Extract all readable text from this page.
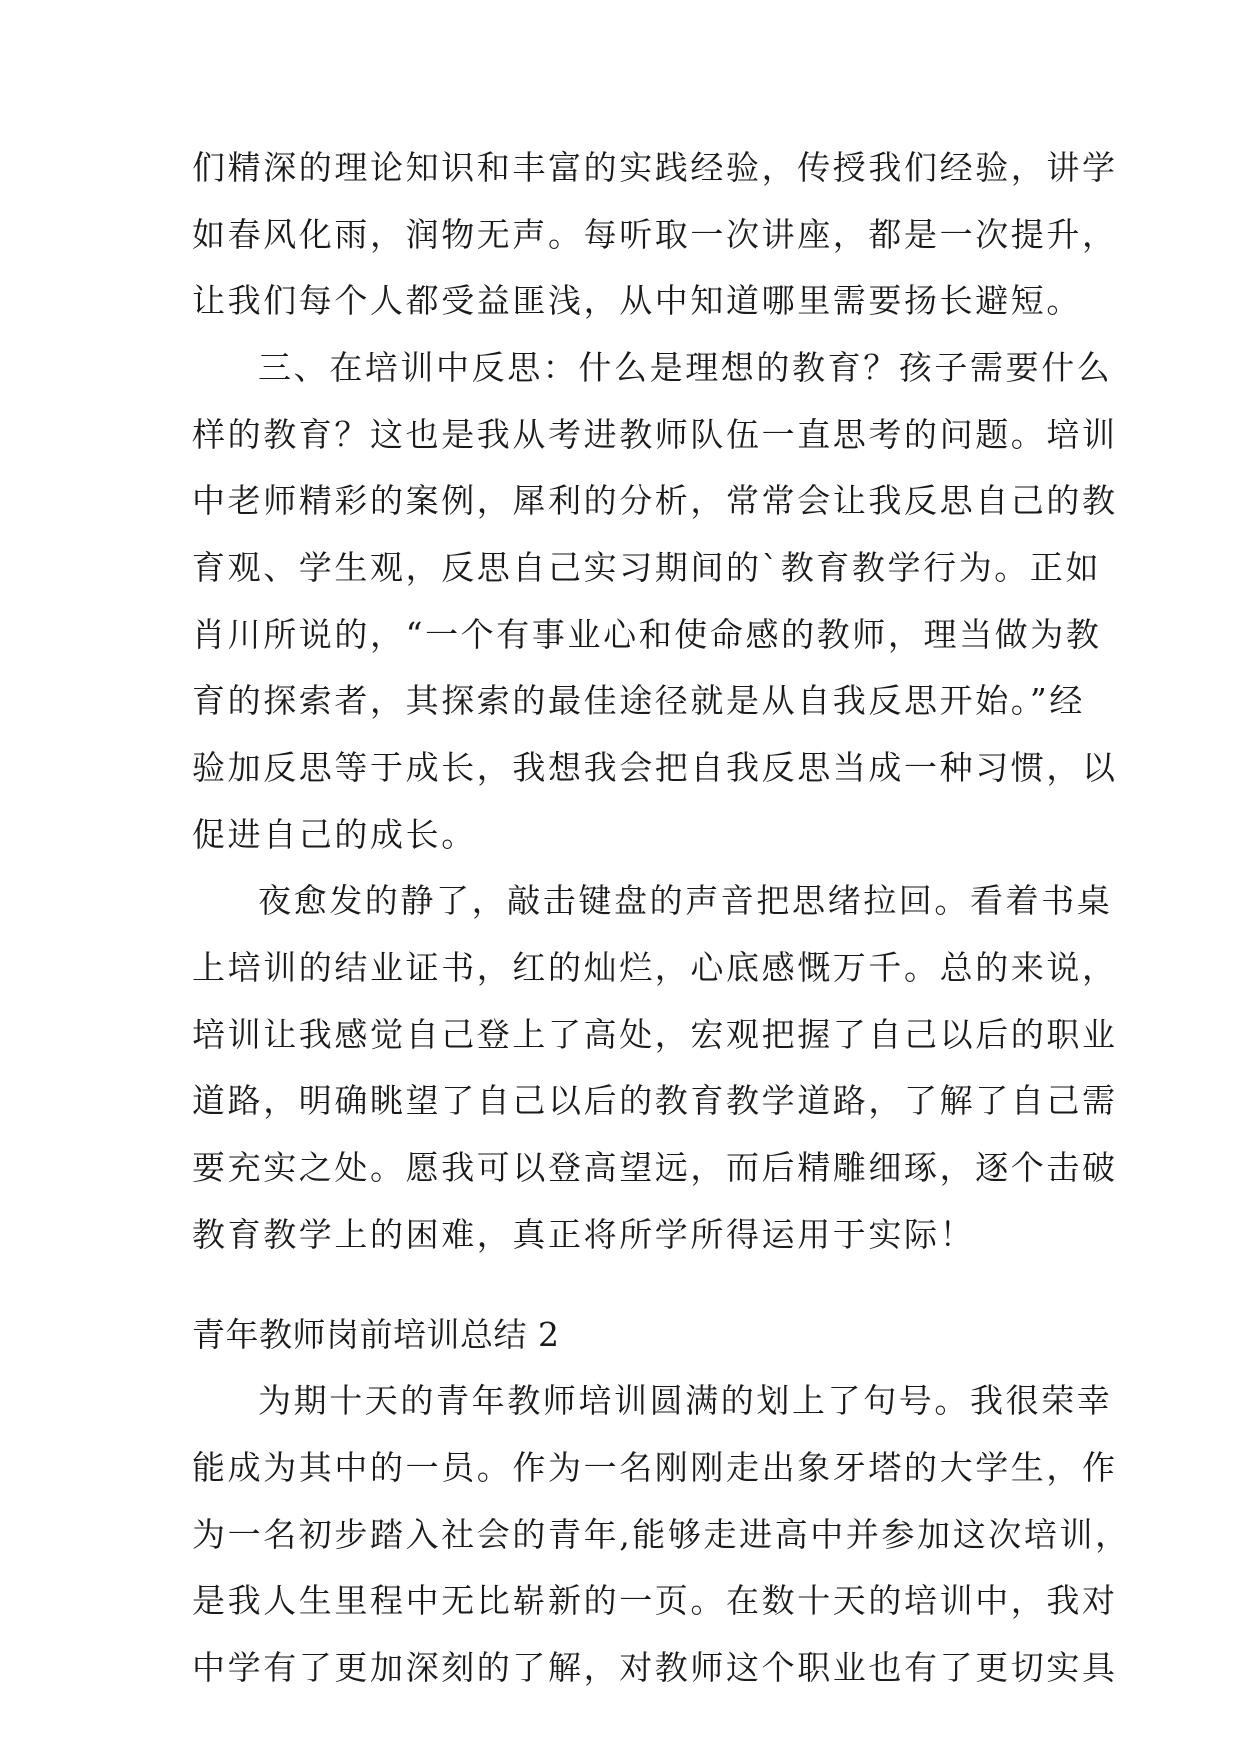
们精深的理论知识和丰富的实践经验，传授我们经验，讲学
如春风化雨，润物无声。每听取一次讲座，都是一次提升，
让我们每个人都受益匪浅，从中知道哪里需要扬长避短。
三、在培训中反思：什么是理想的教育？孩子需要什么
样的教育？这也是我从考进教师队伍一直思考的问题。培训
中老师精彩的案例，犀利的分析，常常会让我反思自己的教
育观、学生观，反思自己实习期间的`教育教学行为。正如
肖川所说的，“一个有事业心和使命感的教师，理当做为教
育的探索者，其探索的最佳途径就是从自我反思开始。”经
验加反思等于成长，我想我会把自我反思当成一种习惯，以
促进自己的成长。
夜愈发的静了，敲击键盘的声音把思绪拉回。看着书桌
上培训的结业证书，红的灿烂，心底感慨万千。总的来说，
培训让我感觉自己登上了高处，宏观把握了自己以后的职业
道路，明确眺望了自己以后的教育教学道路，了解了自己需
要充实之处。愿我可以登高望远，而后精雕细琢，逐个击破
教育教学上的困难，真正将所学所得运用于实际！
青年教师岗前培训总结 2
为期十天的青年教师培训圆满的划上了句号。我很荣幸
能成为其中的一员。作为一名刚刚走出象牙塔的大学生，作
为一名初步踏入社会的青年,能够走进高中并参加这次培训，
是我人生里程中无比崭新的一页。在数十天的培训中，我对
中学有了更加深刻的了解，对教师这个职业也有了更切实具
